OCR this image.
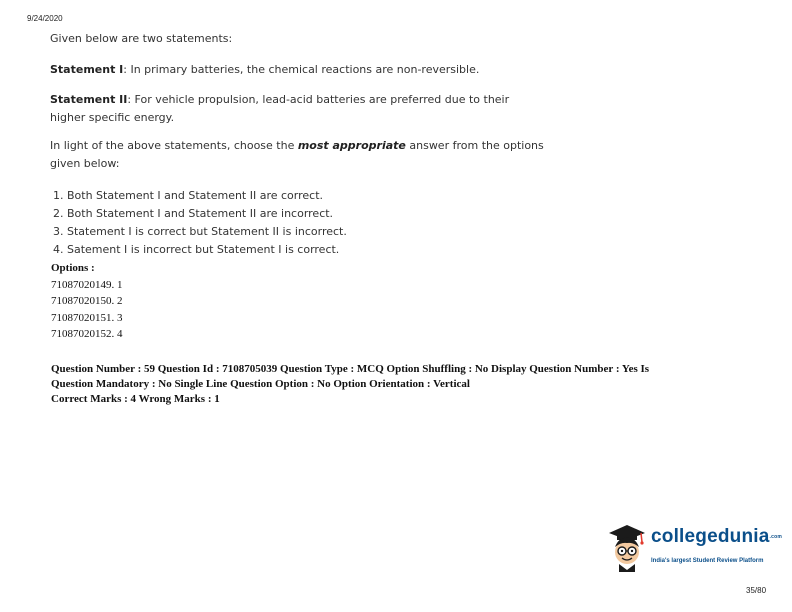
9/24/2020

Given below are two statements:

Statement I: In primary batteries, the chemical reactions are non-reversible.

Statement II: For vehicle propulsion, lead-acid batteries are preferred due to their higher specific energy.

In light of the above statements, choose the most appropriate answer from the options given below:

1. Both Statement I and Statement II are correct.
2. Both Statement I and Statement II are incorrect.
3. Statement I is correct but Statement II is incorrect.
4. Satement I is incorrect but Statement I is correct.
Options :
71087020149. 1
71087020150. 2
71087020151. 3
71087020152. 4
Question Number : 59 Question Id : 7108705039 Question Type : MCQ Option Shuffling : No Display Question Number : Yes Is
Question Mandatory : No Single Line Question Option : No Option Orientation : Vertical
Correct Marks : 4 Wrong Marks : 1
collegedunia.com
India's largest Student Review Platform
35/80
